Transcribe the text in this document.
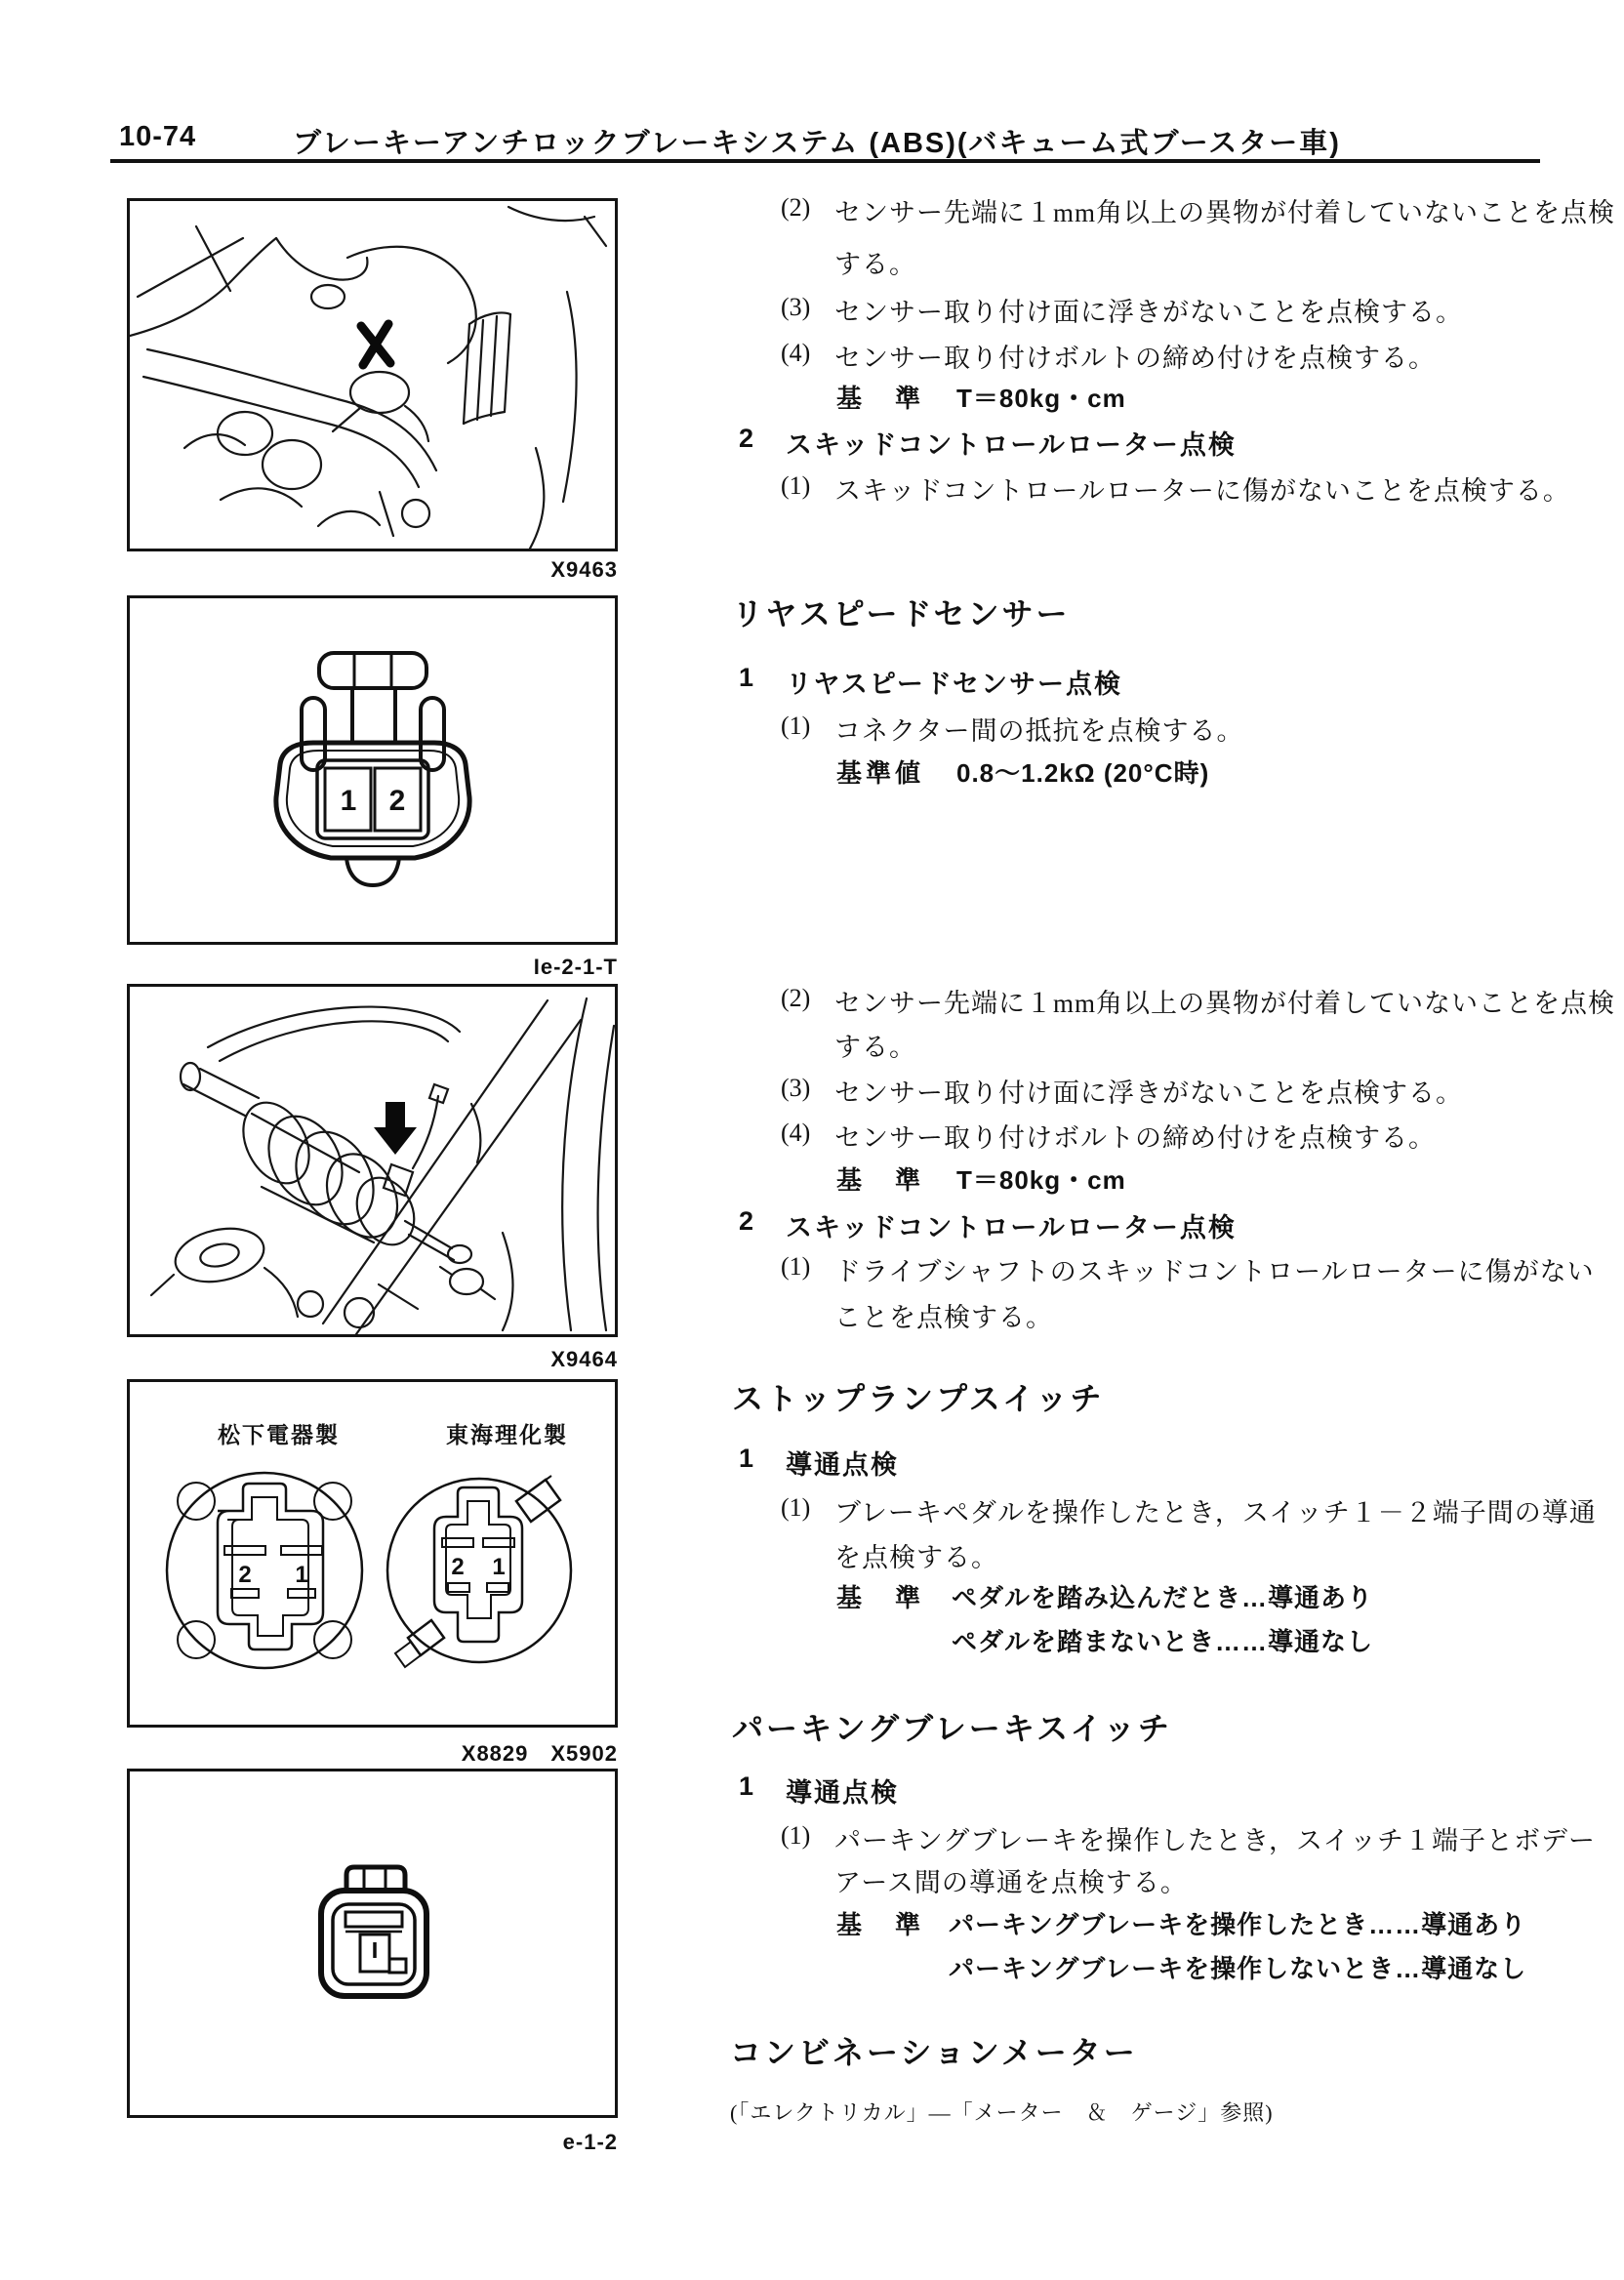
10-74	ブレーキーアンチロックブレーキシステム (ABS)(バキューム式ブースター車)
X9463
1 2
Ie-2-1-T
X9464
2 1	2 1
松下電器製	東海理化製
X8829　X5902
e-1-2
(2) センサー先端に１mm角以上の異物が付着していないことを点検
する。
(3) センサー取り付け面に浮きがないことを点検する。
(4) センサー取り付けボルトの締め付けを点検する。
基　準 T＝80kg・cm
2 スキッドコントロールローター点検
(1) スキッドコントロールローターに傷がないことを点検する。
リヤスピードセンサー
1 リヤスピードセンサー点検
(1) コネクター間の抵抗を点検する。
基準値 0.8～1.2kΩ (20°C時)
(2) センサー先端に１mm角以上の異物が付着していないことを点検
する。
(3) センサー取り付け面に浮きがないことを点検する。
(4) センサー取り付けボルトの締め付けを点検する。
基　準 T＝80kg・cm
2 スキッドコントロールローター点検
(1) ドライブシャフトのスキッドコントロールローターに傷がない
ことを点検する。
ストップランプスイッチ
1 導通点検
(1) ブレーキペダルを操作したとき，スイッチ１－２端子間の導通
を点検する。
基　準 ペダルを踏み込んだとき…導通あり
ペダルを踏まないとき……導通なし
パーキングブレーキスイッチ
1 導通点検
(1) パーキングブレーキを操作したとき，スイッチ１端子とボデー
アース間の導通を点検する。
基　準 パーキングブレーキを操作したとき……導通あり
パーキングブレーキを操作しないとき…導通なし
コンビネーションメーター
(「エレクトリカル」―「メーター　＆　ゲージ」参照)
